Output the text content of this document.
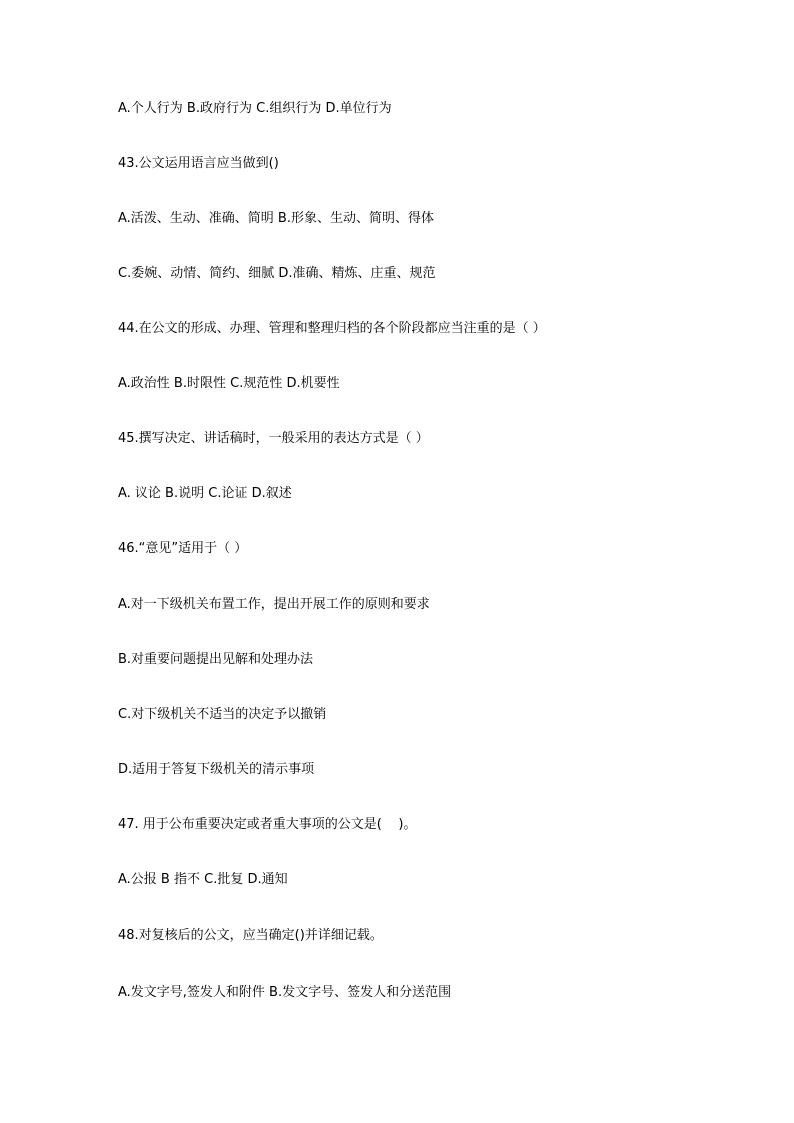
A.个人行为 B.政府行为 C.组织行为 D.单位行为
43.公文运用语言应当做到()
A.活泼、生动、准确、简明 B.形象、生动、简明、得体
C.委婉、动情、简约、细腻 D.准确、精炼、庄重、规范
44.在公文的形成、办理、管理和整理归档的各个阶段都应当注重的是（ ）
A.政治性 B.时限性 C.规范性 D.机要性
45.撰写决定、讲话稿时，一般采用的表达方式是（ ）
A. 议论 B.说明 C.论证 D.叙述
46.“意见”适用于（ ）
A.对一下级机关布置工作，提出开展工作的原则和要求
B.对重要问题提出见解和处理办法
C.对下级机关不适当的决定予以撤销
D.适用于答复下级机关的清示事项
47. 用于公布重要决定或者重大事项的公文是(    )。
A.公报 B 指不 C.批复 D.通知
48.对复核后的公文，应当确定()并详细记载。
A.发文字号,签发人和附件 B.发文字号、签发人和分送范围
